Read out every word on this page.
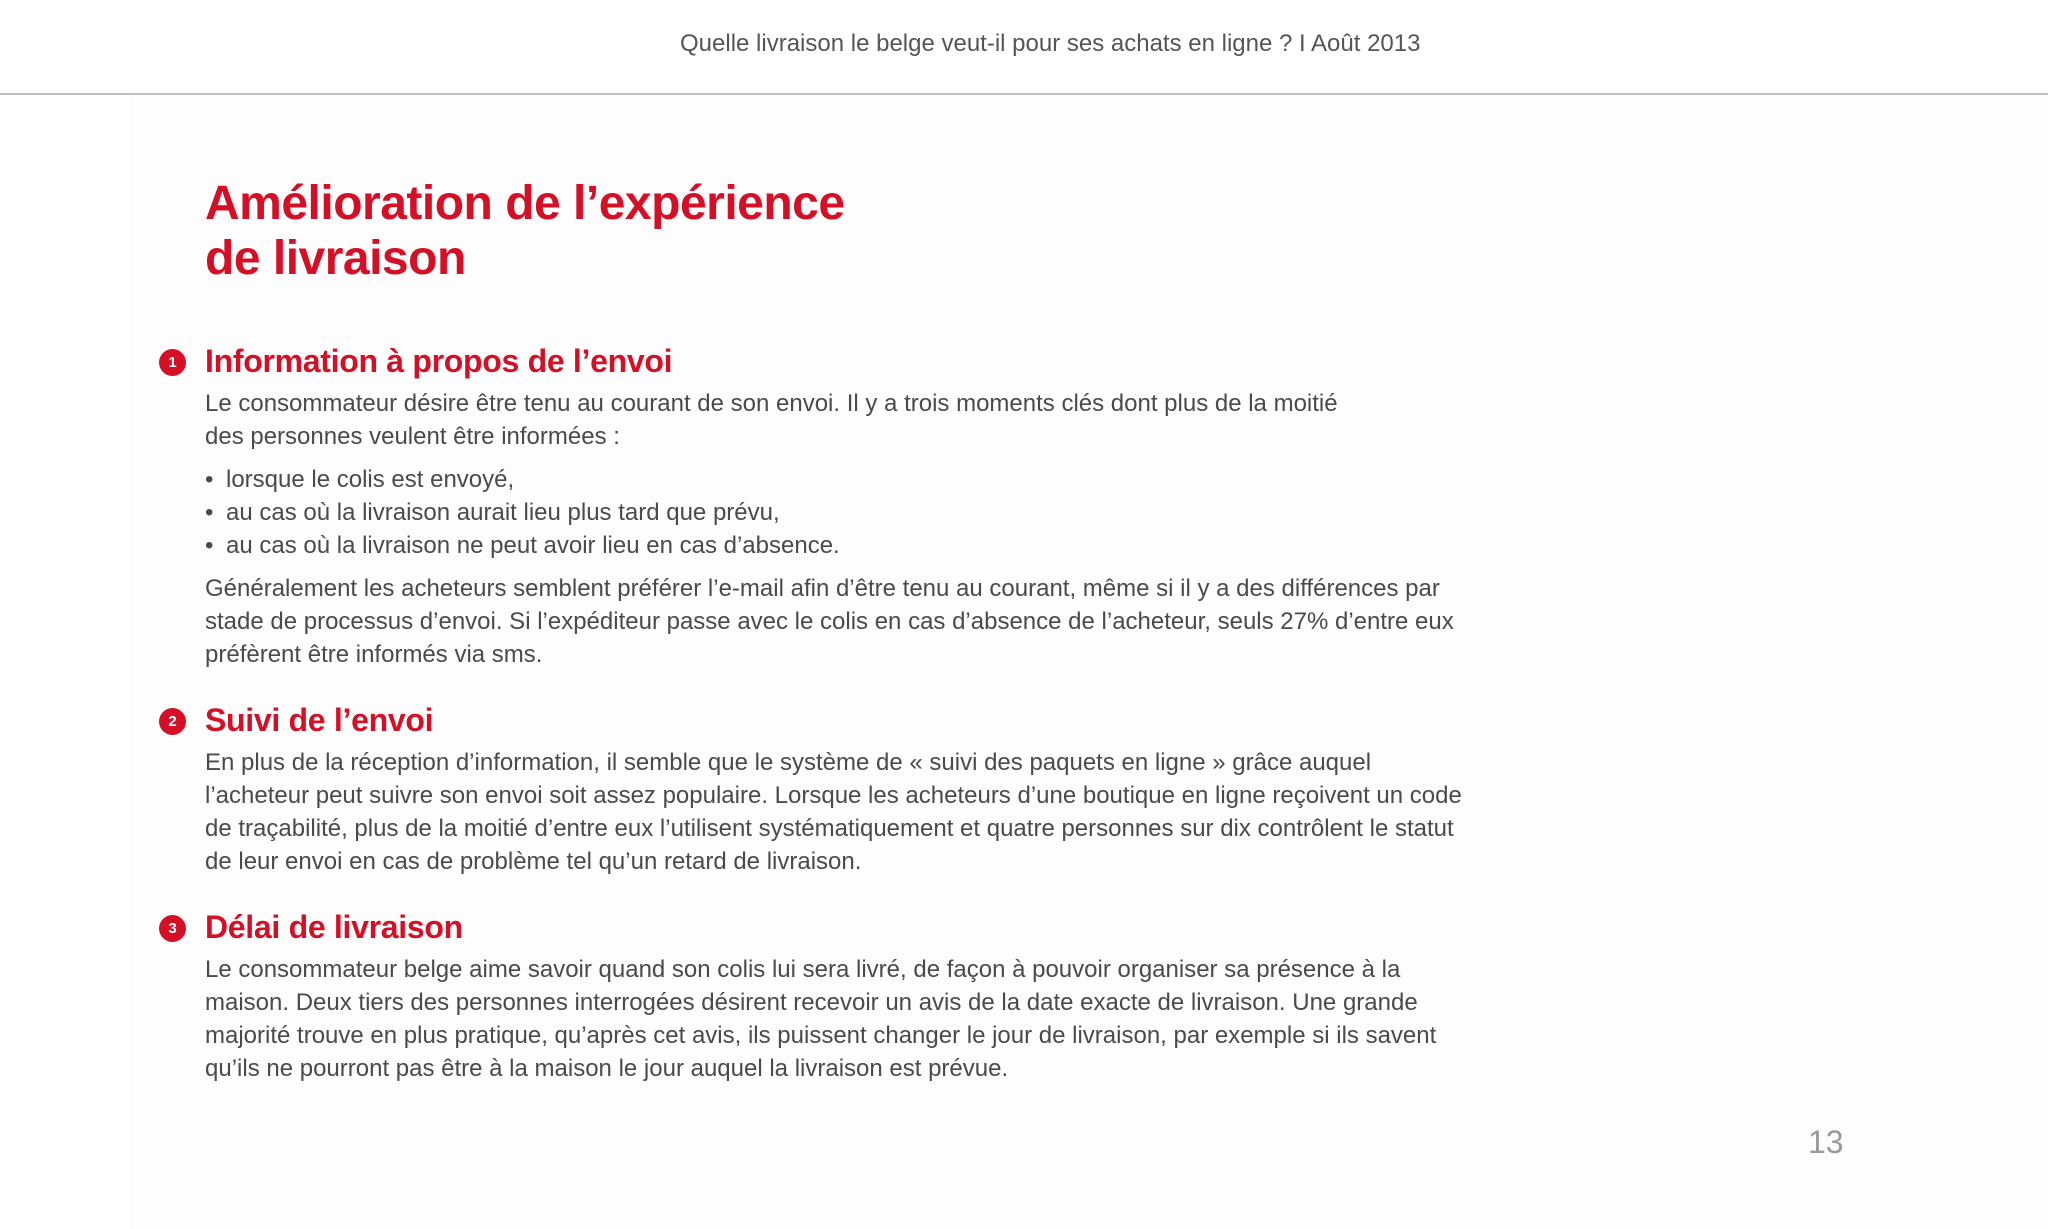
Quelle livraison le belge veut-il pour ses achats en ligne ? I Août 2013
Amélioration de l’expérience
de livraison
1 Information à propos de l’envoi

Le consommateur désire être tenu au courant de son envoi. Il y a trois moments clés dont plus de la moitié des personnes veulent être informées :

• lorsque le colis est envoyé,
• au cas où la livraison aurait lieu plus tard que prévu,
• au cas où la livraison ne peut avoir lieu en cas d’absence.

Généralement les acheteurs semblent préférer l’e-mail afin d’être tenu au courant, même si il y a des différences par stade de processus d’envoi. Si l’expéditeur passe avec le colis en cas d’absence de l’acheteur, seuls 27% d’entre eux préfèrent être informés via sms.

2 Suivi de l’envoi

En plus de la réception d’information, il semble que le système de « suivi des paquets en ligne » grâce auquel l’acheteur peut suivre son envoi soit assez populaire. Lorsque les acheteurs d’une boutique en ligne reçoivent un code de traçabilité, plus de la moitié d’entre eux l’utilisent systématiquement et quatre personnes sur dix contrôlent le statut de leur envoi en cas de problème tel qu’un retard de livraison.

3 Délai de livraison

Le consommateur belge aime savoir quand son colis lui sera livré, de façon à pouvoir organiser sa présence à la maison. Deux tiers des personnes interrogées désirent recevoir un avis de la date exacte de livraison. Une grande majorité trouve en plus pratique, qu’après cet avis, ils puissent changer le jour de livraison, par exemple si ils savent qu’ils ne pourront pas être à la maison le jour auquel la livraison est prévue.

13
